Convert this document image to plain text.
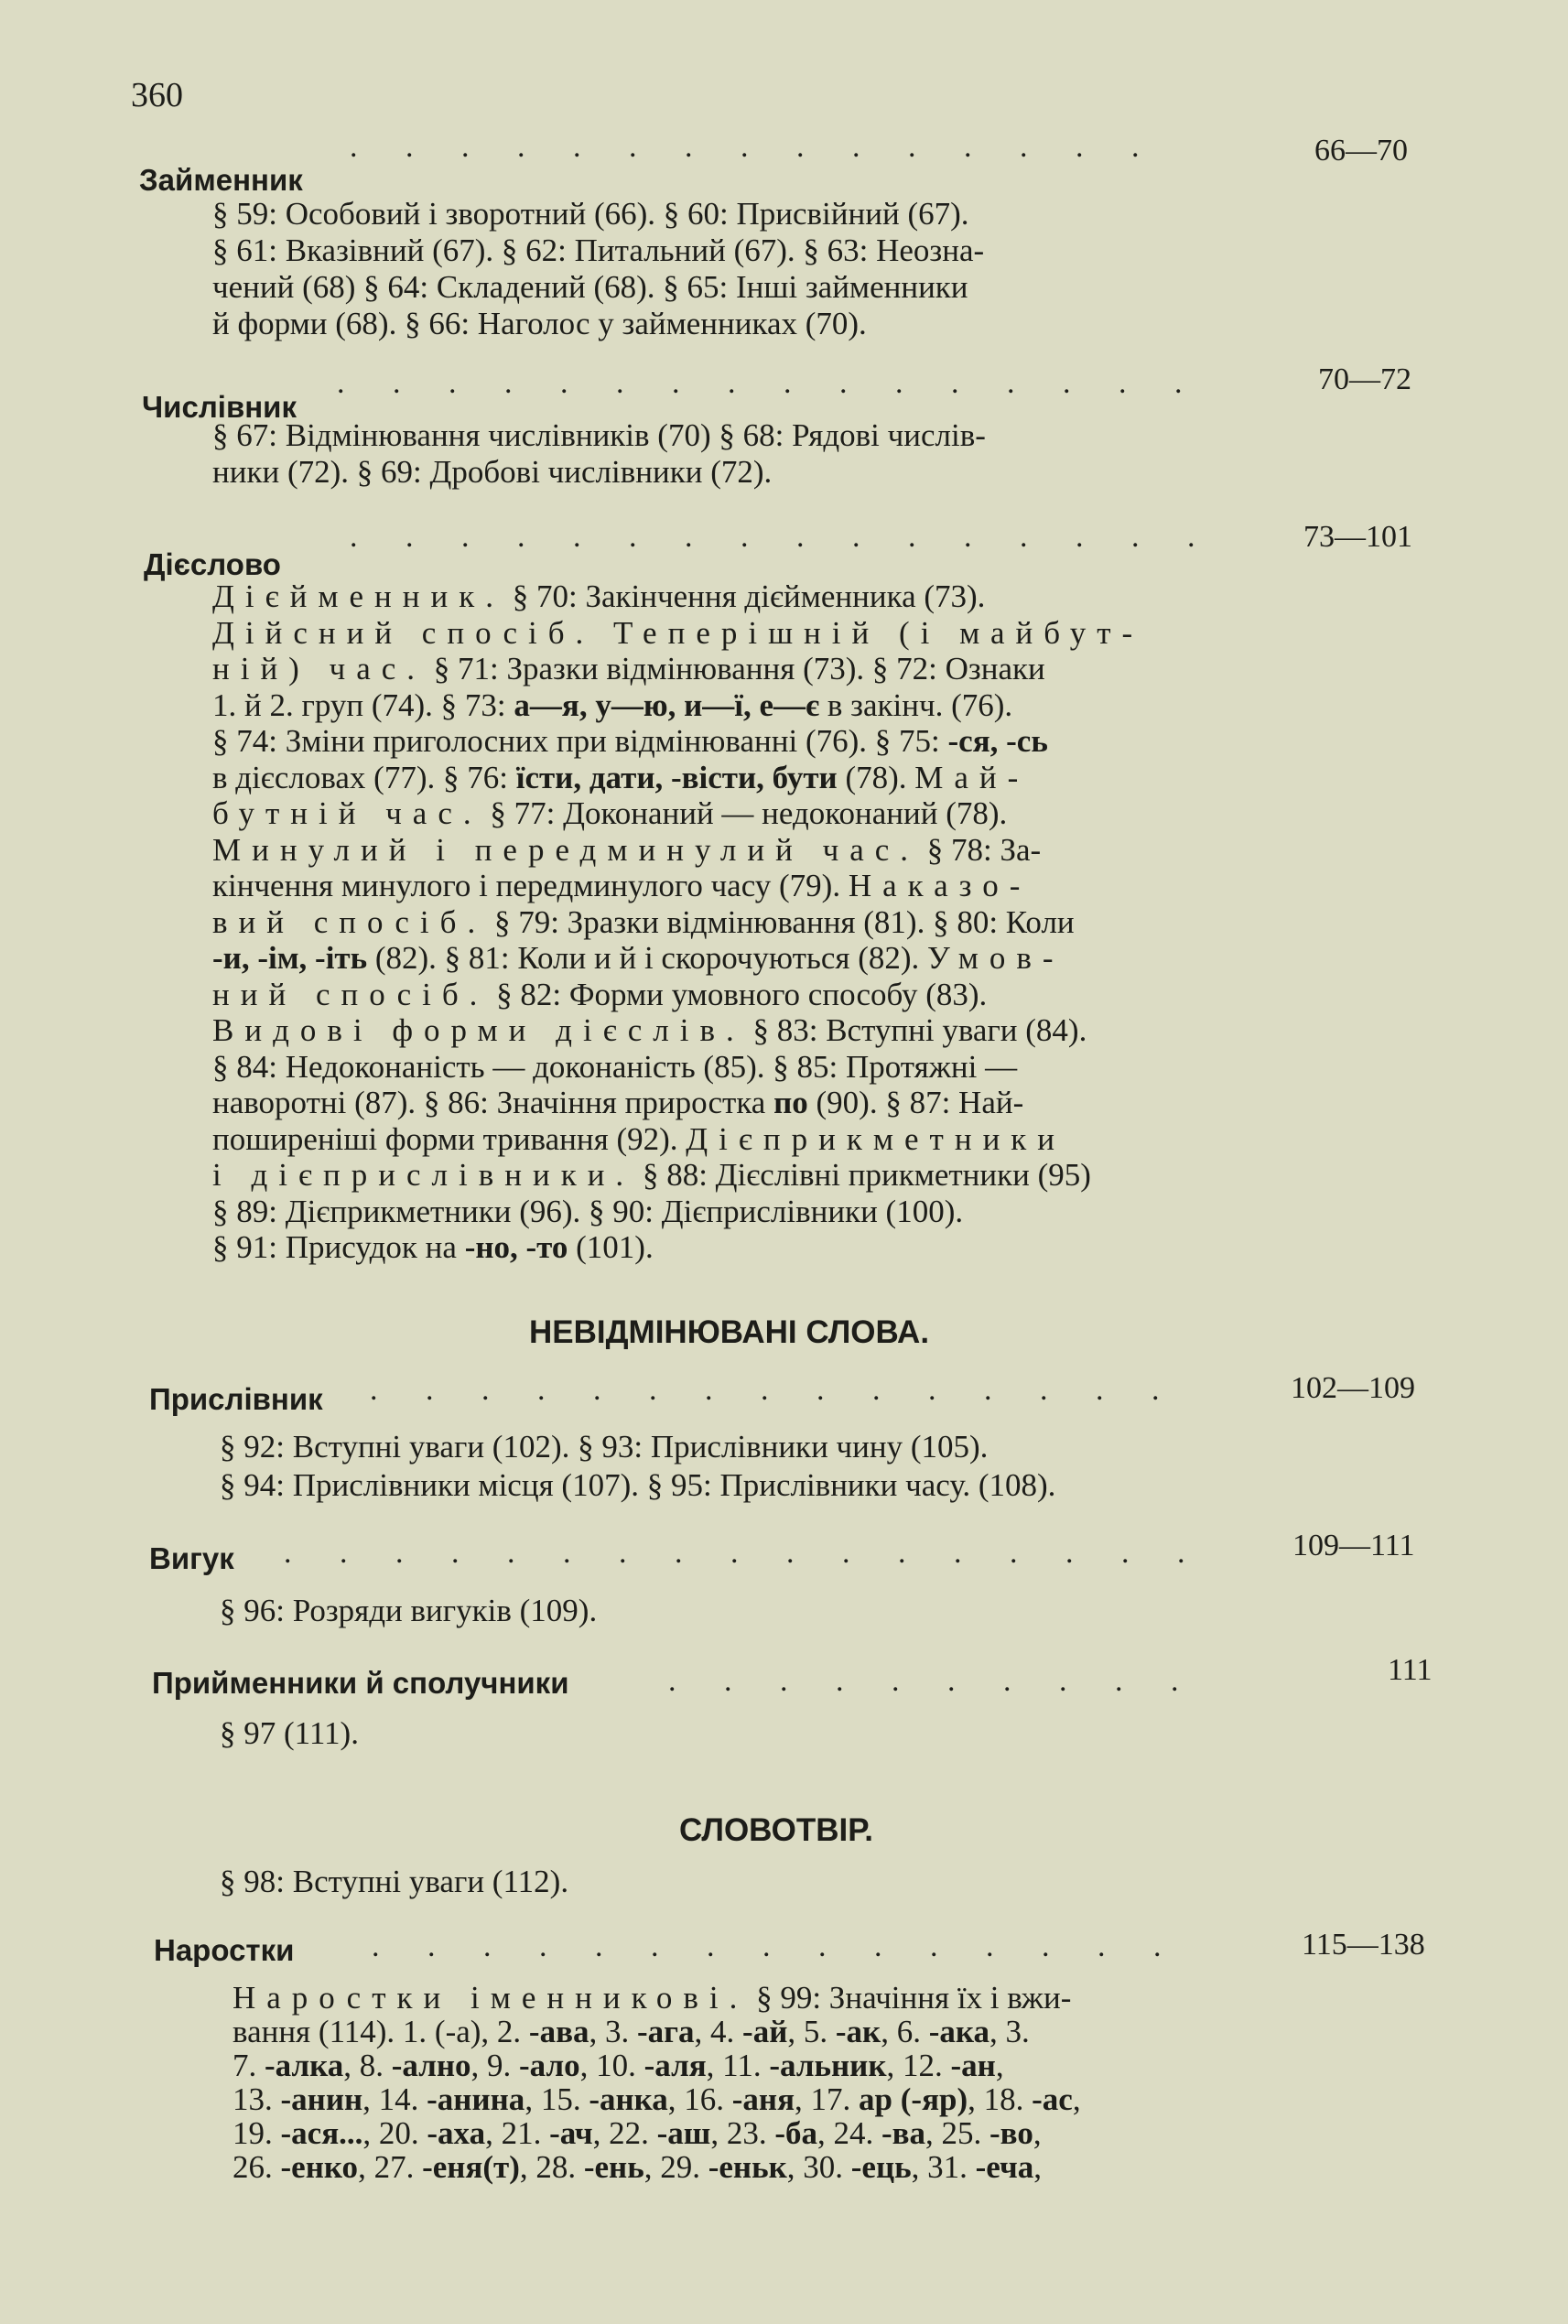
360
Займенник
. . . . . . . . . . . . . . .	66—70

§ 59: Особовий і зворотний (66). § 60: Присвійний (67).

§ 61: Вказівний (67). § 62: Питальний (67). § 63: Неозна-

чений (68) § 64: Складений (68). § 65: Інші займенники

й форми (68). § 66: Наголос у займенниках (70).

Числівник
. . . . . . . . . . . . . . . .	70—72

§ 67: Відмінювання числівників (70) § 68: Рядові числів-

ники (72). § 69: Дробові числівники (72).

Дієслово
. . . . . . . . . . . . . . . .	73—101

Дієйменник. § 70: Закінчення дієйменника (73).

Дійсний спосіб. Теперішній (і майбут-

ній) час. § 71: Зразки відмінювання (73). § 72: Ознаки

1. й 2. груп (74). § 73: а—я, у—ю, и—ї, е—є в закінч. (76).

§ 74: Зміни приголосних при відмінюванні (76). § 75: -ся, -сь

в дієсловах (77). § 76: їсти, дати, -вісти, бути (78). Май-

бутній час. § 77: Доконаний — недоконаний (78).

Минулий і передминулий час. § 78: За-

кінчення минулого і передминулого часу (79). Наказо-

вий спосіб. § 79: Зразки відмінювання (81). § 80: Коли

-и, -ім, -іть (82). § 81: Коли и й і скорочуються (82). Умов-

ний спосіб. § 82: Форми умовного способу (83).

Видові форми дієслів. § 83: Вступні уваги (84).

§ 84: Недоконаність — доконаність (85). § 85: Протяжні —

наворотні (87). § 86: Значіння приростка по (90). § 87: Най-

поширеніші форми тривання (92). Дієприкметники

і дієприслівники. § 88: Дієслівні прикметники (95)

§ 89: Дієприкметники (96). § 90: Дієприслівники (100).

§ 91: Присудок на -но, -то (101).

НЕВІДМІНЮВАНІ СЛОВА.
Прислівник . . . . . . . . . . . . . . .	102—109

§ 92: Вступні уваги (102). § 93: Прислівники чину (105).

§ 94: Прислівники місця (107). § 95: Прислівники часу. (108).

Вигук . . . . . . . . . . . . . . . . .	109—111

§ 96: Розряди вигуків (109).

Прийменники й сполучники	. . . . . . . . . .	111

§ 97 (111).

СЛОВОТВІР.

§ 98: Вступні уваги (112).

Наростки . . . . . . . . . . . . . . .	115—138

Наростки іменникові. § 99: Значіння їх і вжи-

вання (114). 1. (-а), 2. -ава, 3. -ага, 4. -ай, 5. -ак, 6. -ака, 3.

7. -алка, 8. -ално, 9. -ало, 10. -аля, 11. -альник, 12. -ан,

13. -анин, 14. -анина, 15. -анка, 16. -аня, 17. ар (-яр), 18. -ас,

19. -ася..., 20. -аха, 21. -ач, 22. -аш, 23. -ба, 24. -ва, 25. -во,

26. -енко, 27. -еня(т), 28. -ень, 29. -еньк, 30. -ець, 31. -еча,
